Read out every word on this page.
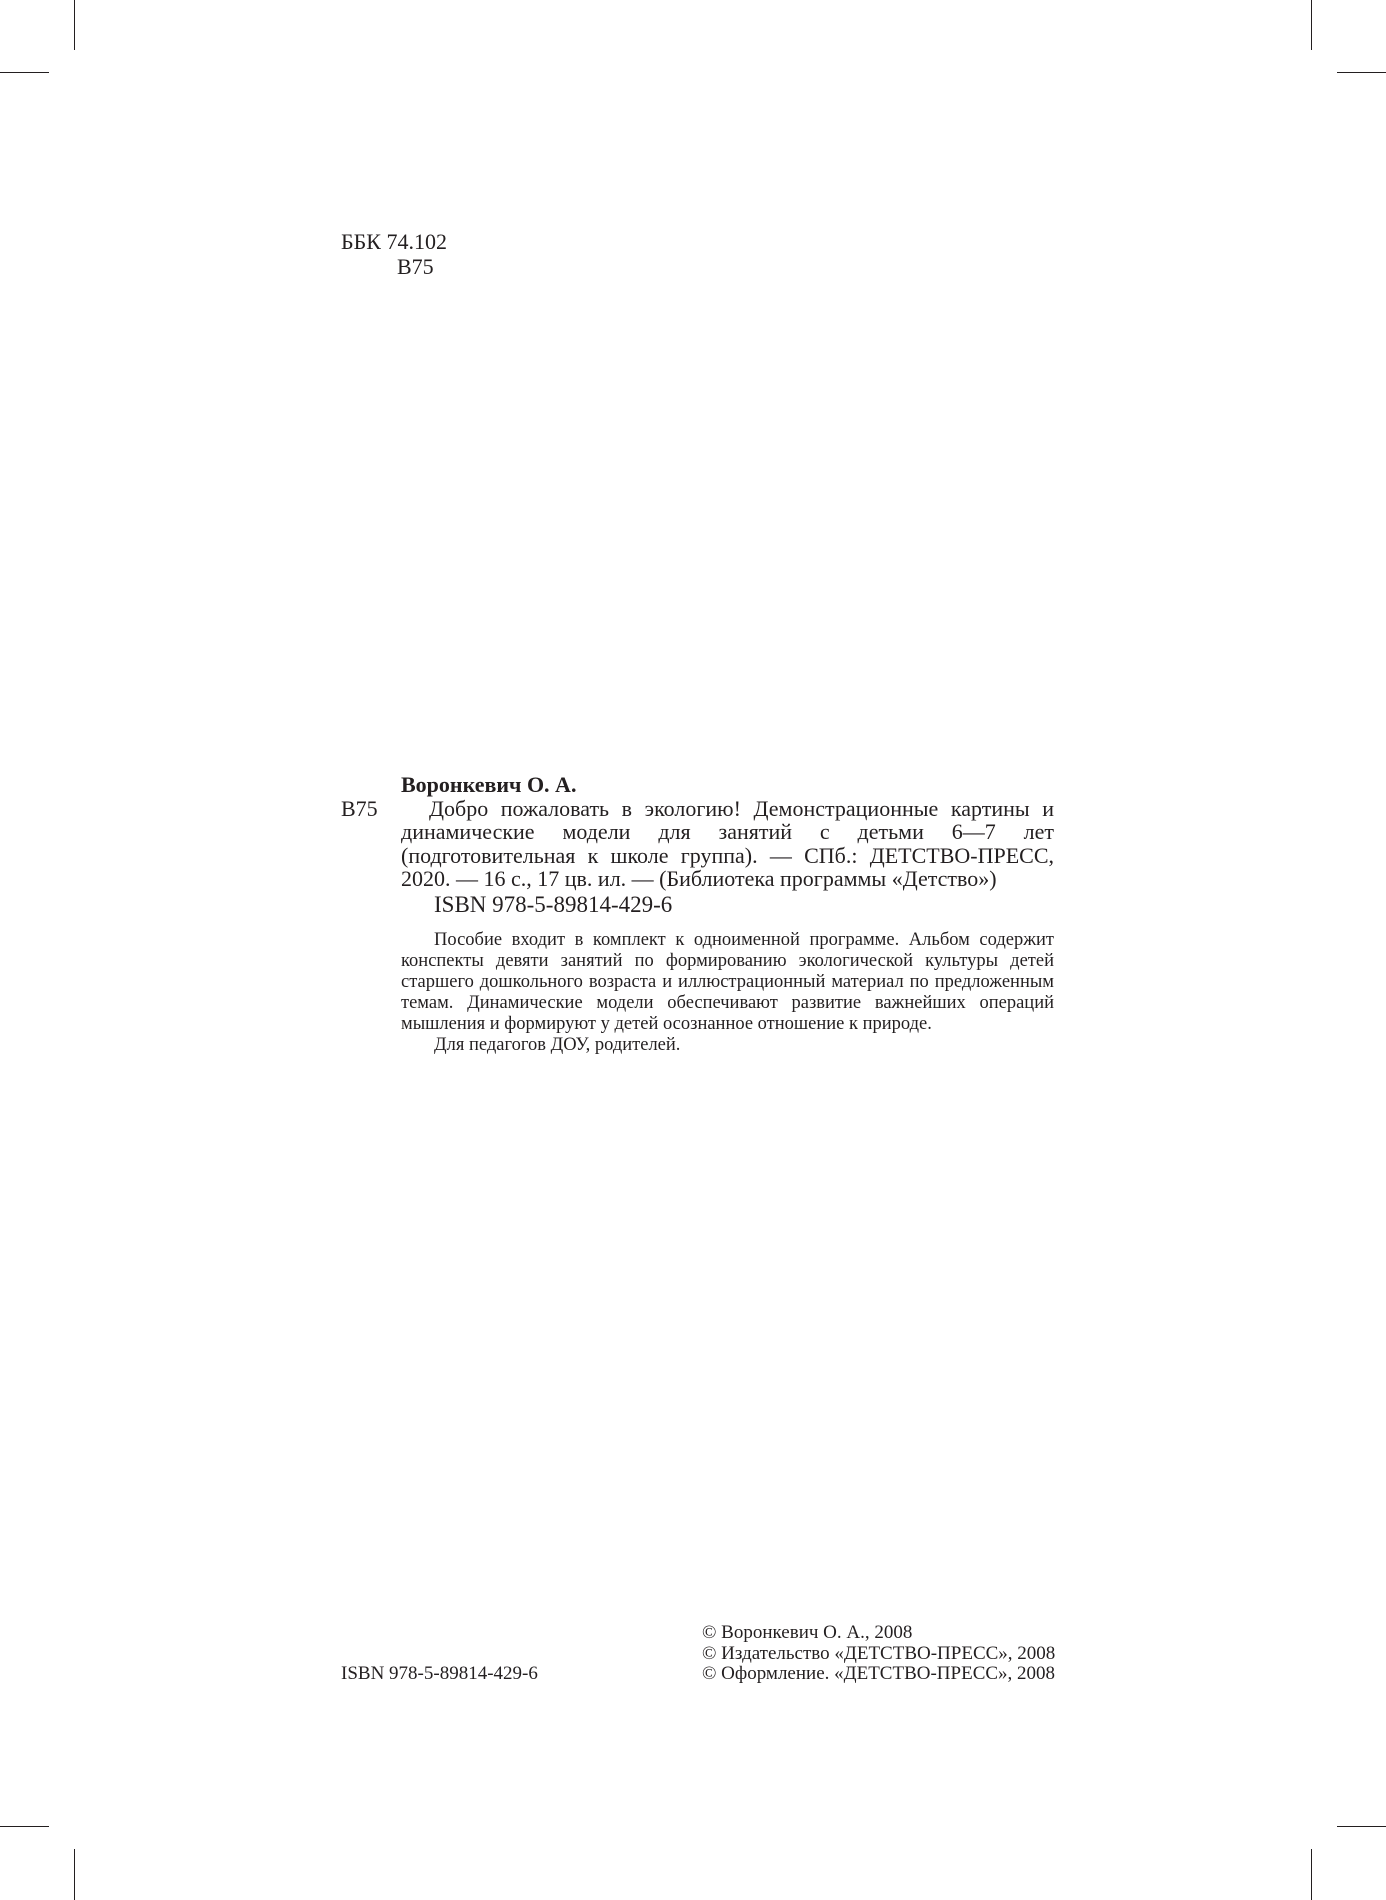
ББК 74.102
В75
Воронкевич О. А.
В75	Добро пожаловать в экологию! Демонстрационные картины и динамические модели для занятий с детьми 6—7 лет (подготовительная к школе группа). — СПб.: ДЕТСТВО-ПРЕСС, 2020. — 16 с., 17 цв. ил. — (Библиотека программы «Детство»)
ISBN 978-5-89814-429-6

Пособие входит в комплект к одноименной программе. Альбом содержит конспекты девяти занятий по формированию экологической культуры детей старшего дошкольного возраста и иллюстрационный материал по предложенным темам. Динамические модели обеспечивают развитие важнейших операций мышления и формируют у детей осознанное отношение к природе.

Для педагогов ДОУ, родителей.

ISBN 978-5-89814-429-6
© Воронкевич О. А., 2008
© Издательство «ДЕТСТВО-ПРЕСС», 2008
© Оформление. «ДЕТСТВО-ПРЕСС», 2008
